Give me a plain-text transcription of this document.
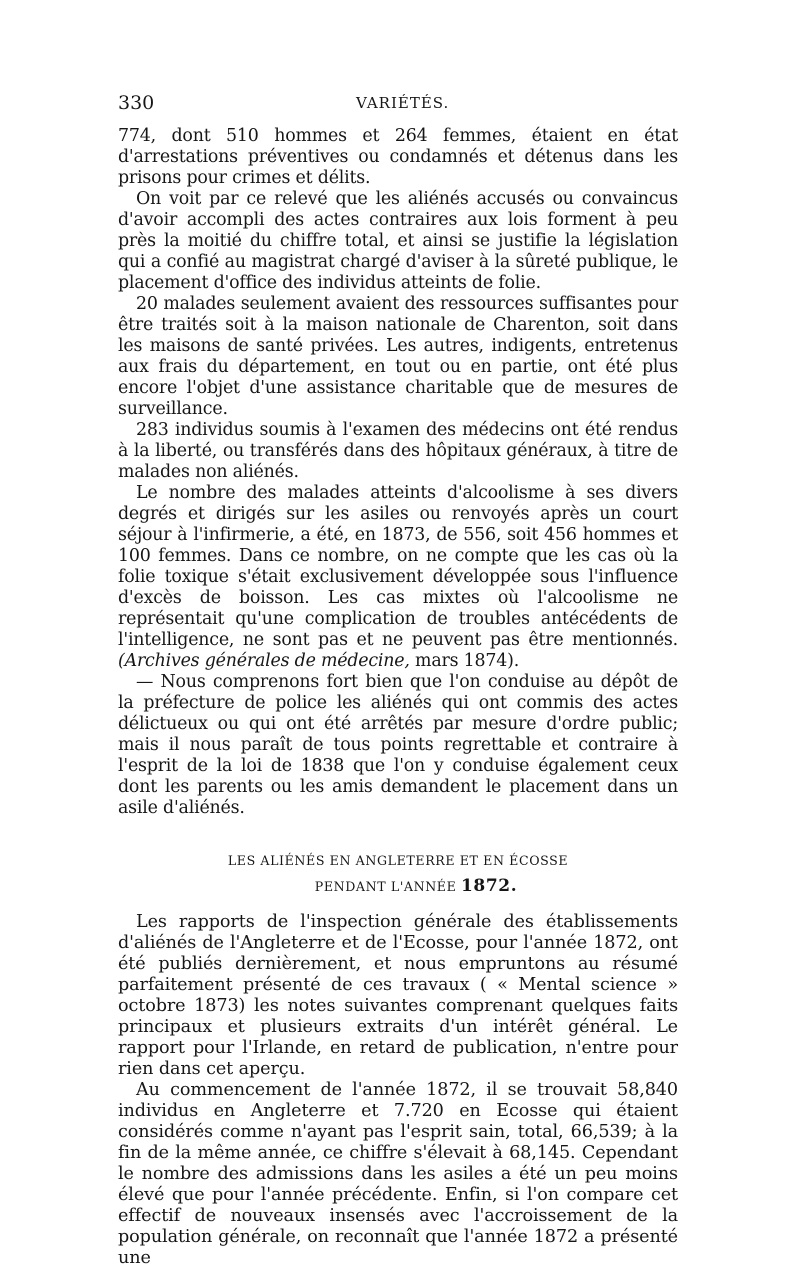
330	VARIÉTÉS.

774, dont 510 hommes et 264 femmes, étaient en état d'arrestations préventives ou condamnés et détenus dans les prisons pour crimes et délits.

On voit par ce relevé que les aliénés accusés ou convaincus d'avoir accompli des actes contraires aux lois forment à peu près la moitié du chiffre total, et ainsi se justifie la législation qui a confié au magistrat chargé d'aviser à la sûreté publique, le placement d'office des individus atteints de folie.

20 malades seulement avaient des ressources suffisantes pour être traités soit à la maison nationale de Charenton, soit dans les maisons de santé privées. Les autres, indigents, entretenus aux frais du département, en tout ou en partie, ont été plus encore l'objet d'une assistance charitable que de mesures de surveillance.

283 individus soumis à l'examen des médecins ont été rendus à la liberté, ou transférés dans des hôpitaux généraux, à titre de malades non aliénés.

Le nombre des malades atteints d'alcoolisme à ses divers degrés et dirigés sur les asiles ou renvoyés après un court séjour à l'infirmerie, a été, en 1873, de 556, soit 456 hommes et 100 femmes. Dans ce nombre, on ne compte que les cas où la folie toxique s'était exclusivement développée sous l'influence d'excès de boisson. Les cas mixtes où l'alcoolisme ne représentait qu'une complication de troubles antécédents de l'intelligence, ne sont pas et ne peuvent pas être mentionnés. (Archives générales de médecine, mars 1874).

— Nous comprenons fort bien que l'on conduise au dépôt de la préfecture de police les aliénés qui ont commis des actes délictueux ou qui ont été arrêtés par mesure d'ordre public; mais il nous paraît de tous points regrettable et contraire à l'esprit de la loi de 1838 que l'on y conduise également ceux dont les parents ou les amis demandent le placement dans un asile d'aliénés.

LES ALIÉNÉS EN ANGLETERRE ET EN ÉCOSSE
PENDANT L'ANNÉE 1872.

Les rapports de l'inspection générale des établissements d'aliénés de l'Angleterre et de l'Ecosse, pour l'année 1872, ont été publiés dernièrement, et nous empruntons au résumé parfaitement présenté de ces travaux ( « Mental science » octobre 1873) les notes suivantes comprenant quelques faits principaux et plusieurs extraits d'un intérêt général. Le rapport pour l'Irlande, en retard de publication, n'entre pour rien dans cet aperçu.

Au commencement de l'année 1872, il se trouvait 58,840 individus en Angleterre et 7.720 en Ecosse qui étaient considérés comme n'ayant pas l'esprit sain, total, 66,539; à la fin de la même année, ce chiffre s'élevait à 68,145. Cependant le nombre des admissions dans les asiles a été un peu moins élevé que pour l'année précédente. Enfin, si l'on compare cet effectif de nouveaux insensés avec l'accroissement de la population générale, on reconnaît que l'année 1872 a présenté une
